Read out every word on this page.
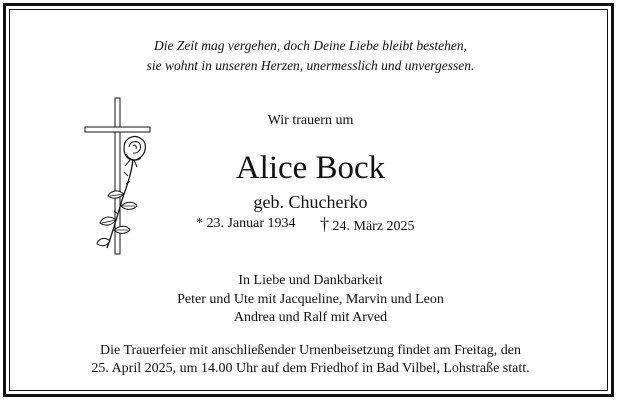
Die Zeit mag vergehen, doch Deine Liebe bleibt bestehen,
sie wohnt in unseren Herzen, unermesslich und unvergessen.
Wir trauern um
Alice Bock
geb. Chucherko
* 23. Januar 1934 † 24. März 2025
In Liebe und Dankbarkeit
Peter und Ute mit Jacqueline, Marvin und Leon
Andrea und Ralf mit Arved
Die Trauerfeier mit anschließender Urnenbeisetzung findet am Freitag, den
25. April 2025, um 14.00 Uhr auf dem Friedhof in Bad Vilbel, Lohstraße statt.
